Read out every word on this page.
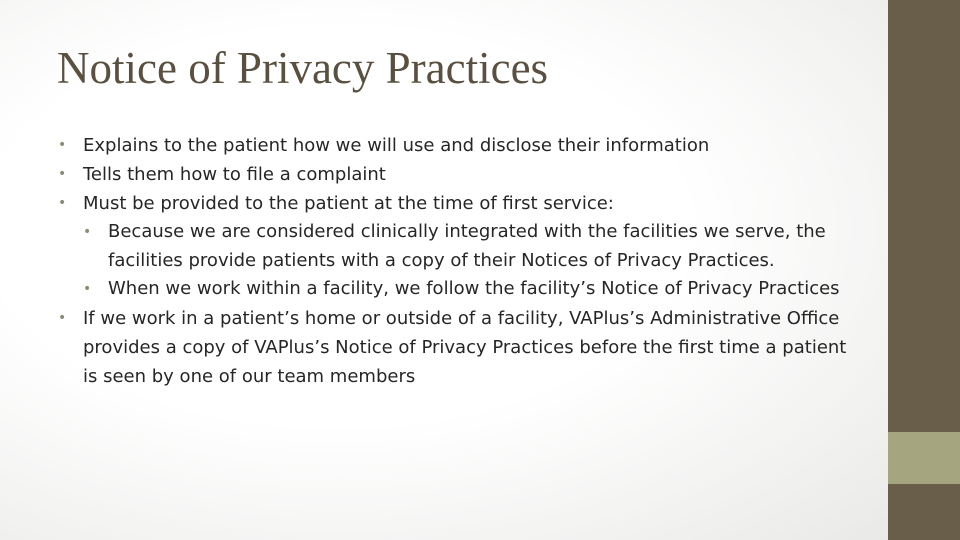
Notice of Privacy Practices
• Explains to the patient how we will use and disclose their information
• Tells them how to file a complaint
• Must be provided to the patient at the time of first service:
• Because we are considered clinically integrated with the facilities we serve, the facilities provide patients with a copy of their Notices of Privacy Practices.
• When we work within a facility, we follow the facility’s Notice of Privacy Practices
• If we work in a patient’s home or outside of a facility, VAPlus’s Administrative Office provides a copy of VAPlus’s Notice of Privacy Practices before the first time a patient is seen by one of our team members
